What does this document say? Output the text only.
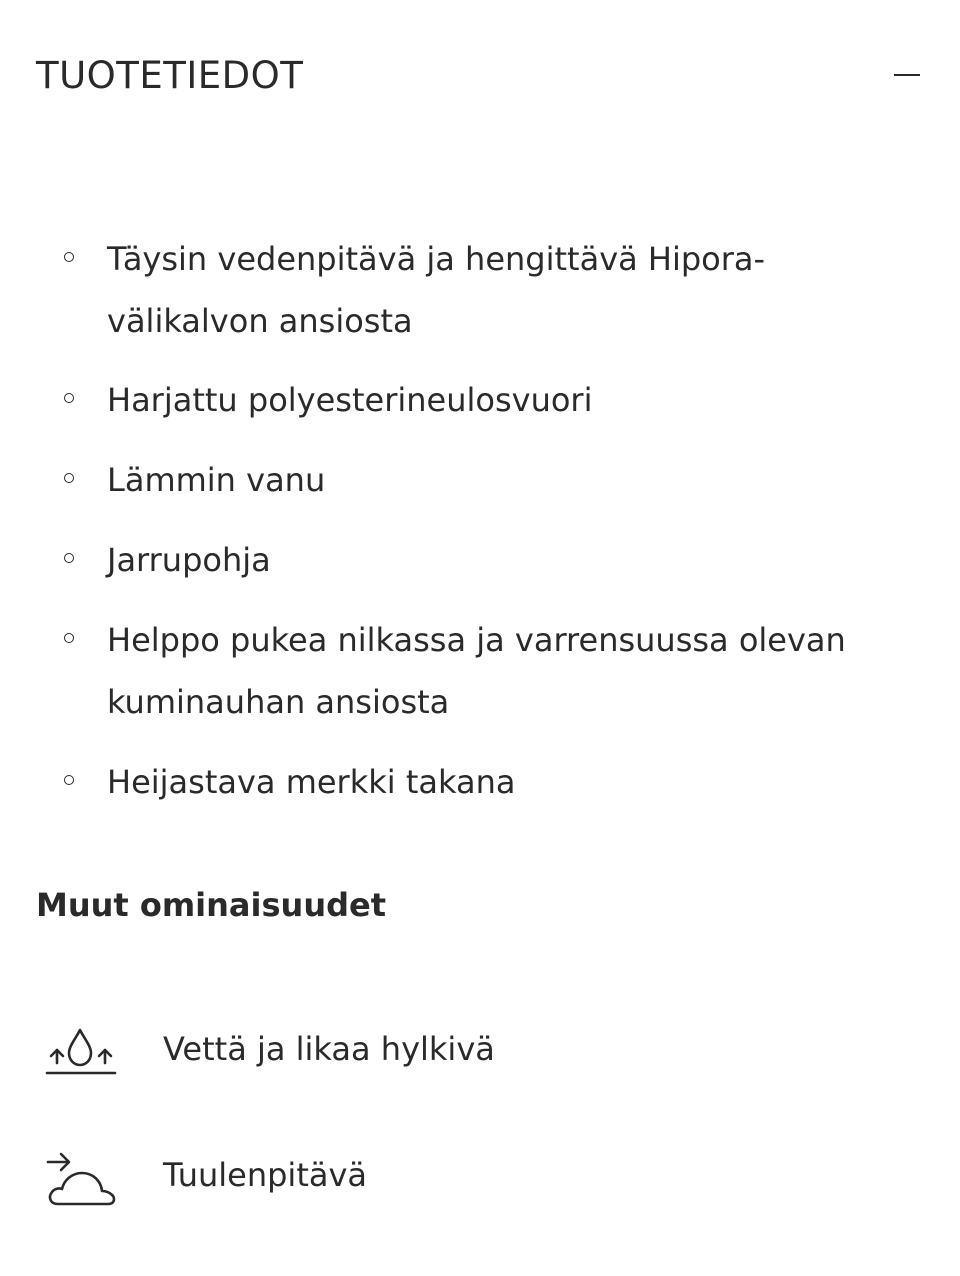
TUOTETIEDOT
Täysin vedenpitävä ja hengittävä Hipora-välikalvon ansiosta
Harjattu polyesterineulosvuori
Lämmin vanu
Jarrupohja
Helppo pukea nilkassa ja varrensuussa olevan kuminauhan ansiosta
Heijastava merkki takana
Muut ominaisuudet
Vettä ja likaa hylkivä
Tuulenpitävä
